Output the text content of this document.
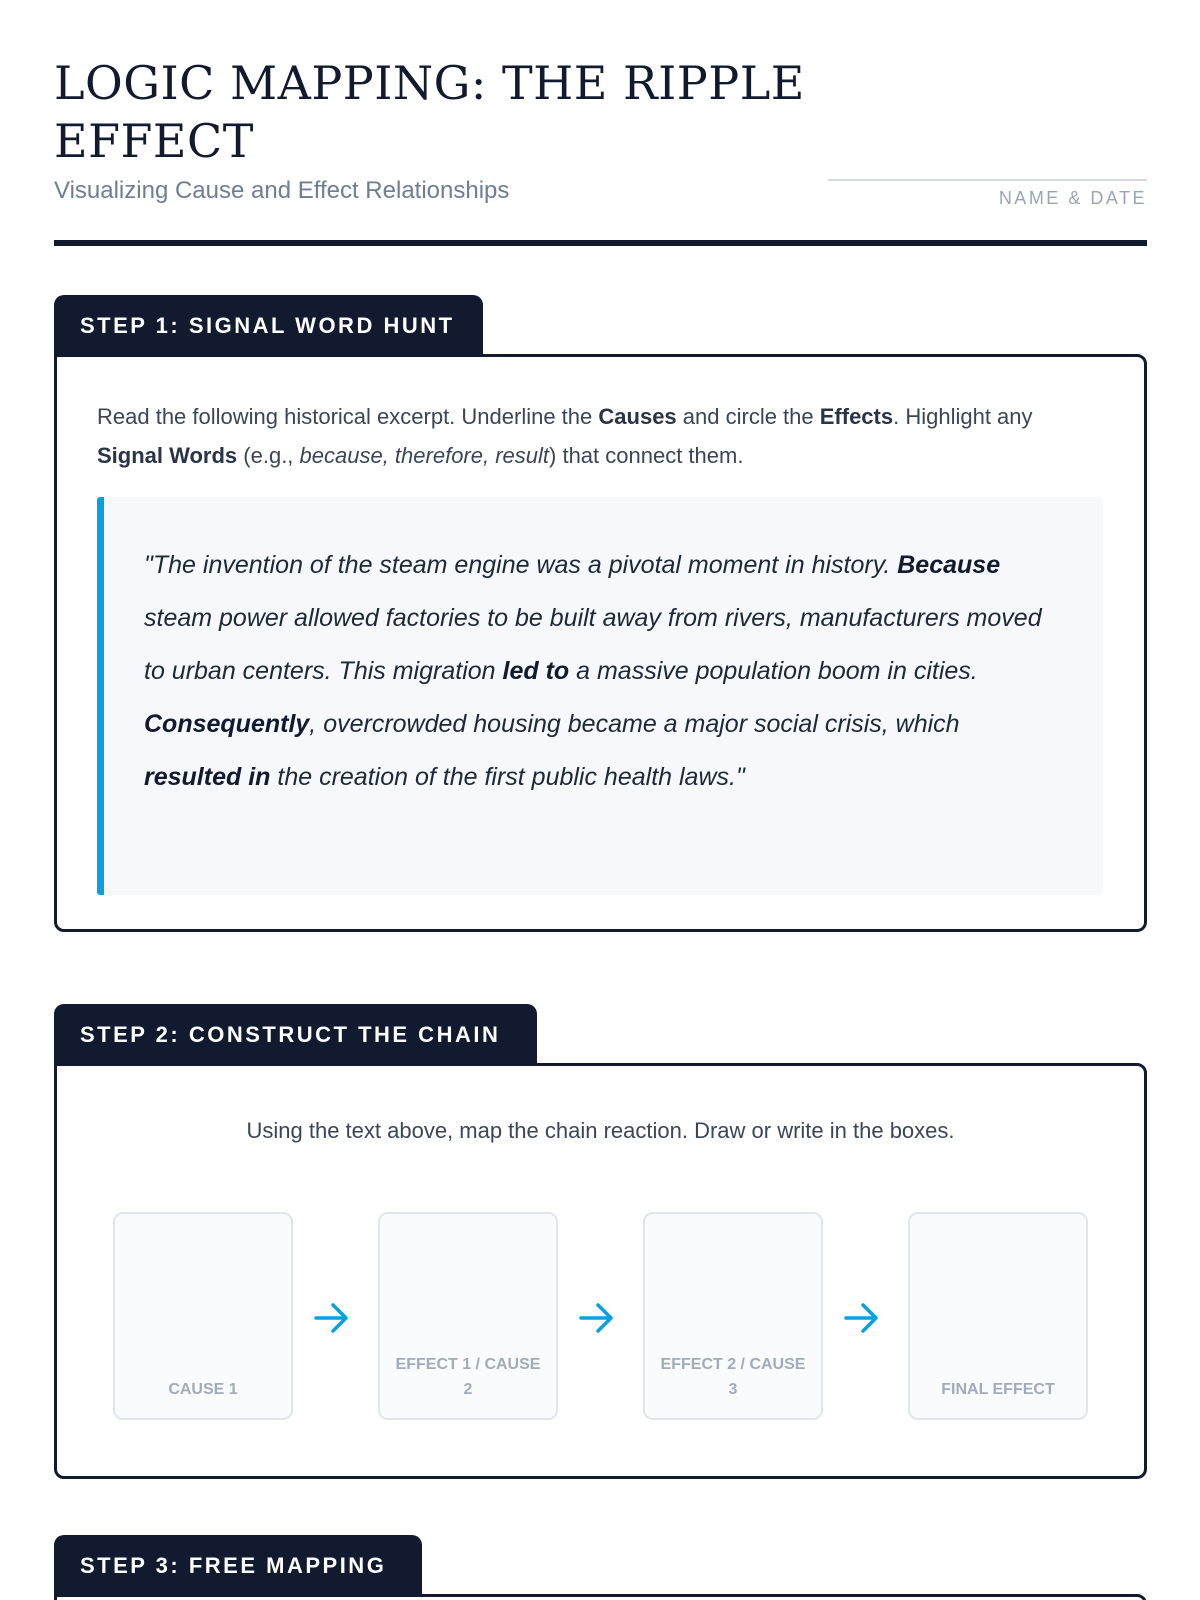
LOGIC MAPPING: THE RIPPLE EFFECT
Visualizing Cause and Effect Relationships	NAME & DATE
STEP 1: SIGNAL WORD HUNT
Read the following historical excerpt. Underline the Causes and circle the Effects. Highlight any Signal Words (e.g., because, therefore, result) that connect them.
"The invention of the steam engine was a pivotal moment in history. Because steam power allowed factories to be built away from rivers, manufacturers moved to urban centers. This migration led to a massive population boom in cities. Consequently, overcrowded housing became a major social crisis, which resulted in the creation of the first public health laws."
STEP 2: CONSTRUCT THE CHAIN
Using the text above, map the chain reaction. Draw or write in the boxes.
CAUSE 1
EFFECT 1 / CAUSE 2
EFFECT 2 / CAUSE 3	FINAL EFFECT
STEP 3: FREE MAPPING
